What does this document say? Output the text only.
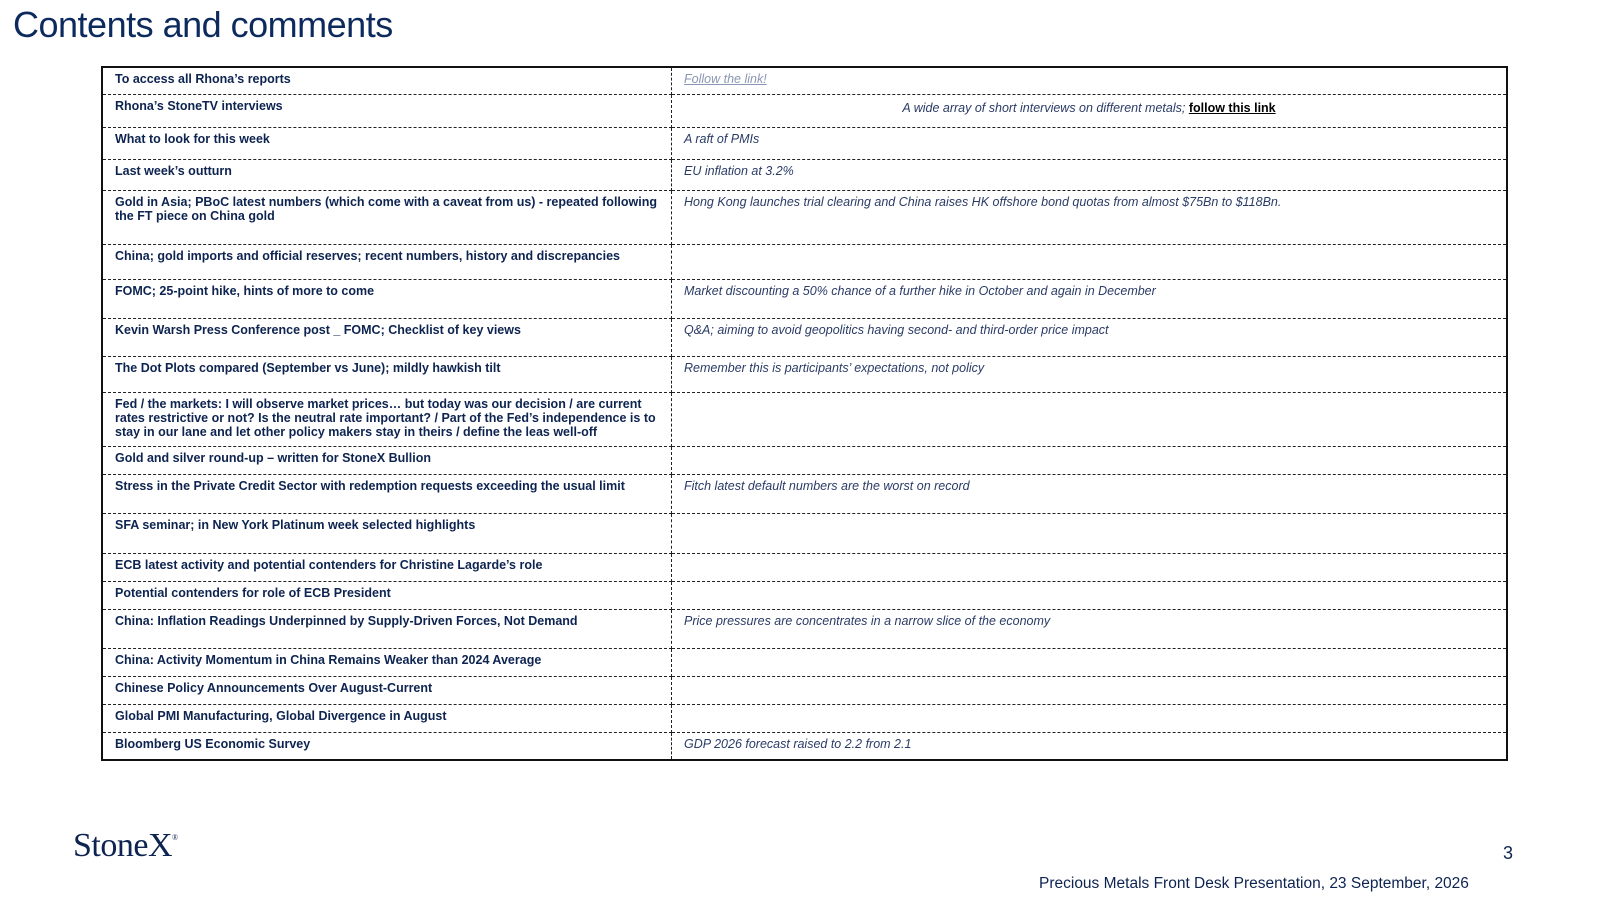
Contents and comments
To access all Rhona’s reports	Follow the link!
Rhona’s StoneTV interviews	A wide array of short interviews on different metals; follow this link
What to look for this week	A raft of PMIs
Last week’s outturn	EU inflation at 3.2%
Gold in Asia; PBoC latest numbers (which come with a caveat from us) - repeated following the FT piece on China gold	Hong Kong launches trial clearing and China raises HK offshore bond quotas from almost $75Bn to $118Bn.
China; gold imports and official reserves; recent numbers, history and discrepancies	
FOMC; 25-point hike, hints of more to come	Market discounting a 50% chance of a further hike in October and again in December
Kevin Warsh Press Conference post _ FOMC; Checklist of key views	Q&A; aiming to avoid geopolitics having second- and third-order price impact
The Dot Plots compared (September vs June); mildly hawkish tilt	Remember this is participants’ expectations, not policy
Fed / the markets: I will observe market prices… but today was our decision / are current rates restrictive or not? Is the neutral rate important? / Part of the Fed’s independence is to stay in our lane and let other policy makers stay in theirs / define the leas well-off	
Gold and silver round-up – written for StoneX Bullion	
Stress in the Private Credit Sector with redemption requests exceeding the usual limit	Fitch latest default numbers are the worst on record
SFA seminar; in New York Platinum week selected highlights	
ECB latest activity and potential contenders for Christine Lagarde’s role	
Potential contenders for role of ECB President	
China: Inflation Readings Underpinned by Supply-Driven Forces, Not Demand	Price pressures are concentrates in a narrow slice of the economy
China: Activity Momentum in China Remains Weaker than 2024 Average	
Chinese Policy Announcements Over August-Current	
Global PMI Manufacturing, Global Divergence in August	
Bloomberg US Economic Survey	GDP 2026 forecast raised to 2.2 from 2.1
StoneX®
3
Precious Metals Front Desk Presentation, 23 September, 2026
